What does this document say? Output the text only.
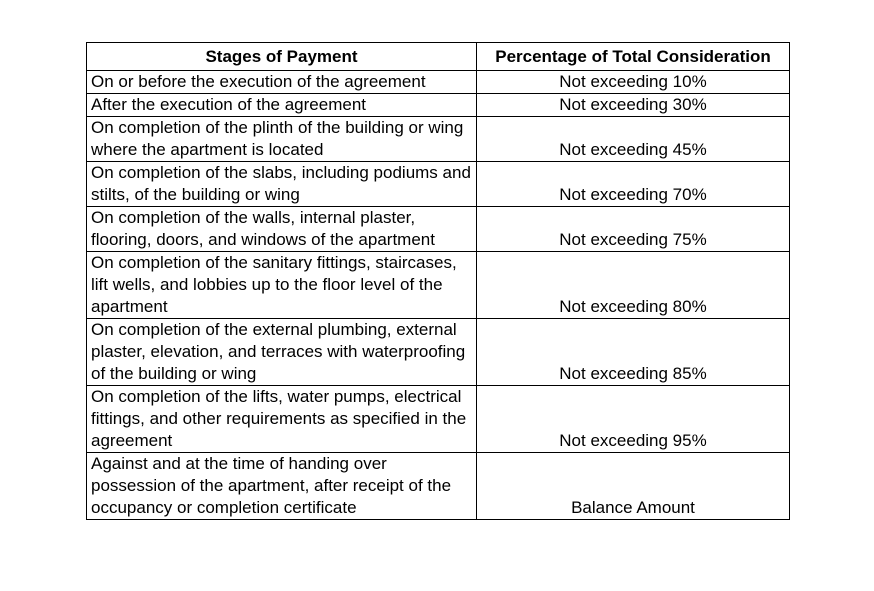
Stages of Payment	Percentage of Total Consideration
On or before the execution of the agreement	Not exceeding 10%
After the execution of the agreement	Not exceeding 30%
On completion of the plinth of the building or wing where the apartment is located	Not exceeding 45%
On completion of the slabs, including podiums and stilts, of the building or wing	Not exceeding 70%
On completion of the walls, internal plaster, flooring, doors, and windows of the apartment	Not exceeding 75%
On completion of the sanitary fittings, staircases, lift wells, and lobbies up to the floor level of the apartment	Not exceeding 80%
On completion of the external plumbing, external plaster, elevation, and terraces with waterproofing of the building or wing	Not exceeding 85%
On completion of the lifts, water pumps, electrical fittings, and other requirements as specified in the agreement	Not exceeding 95%
Against and at the time of handing over possession of the apartment, after receipt of the occupancy or completion certificate	Balance Amount
